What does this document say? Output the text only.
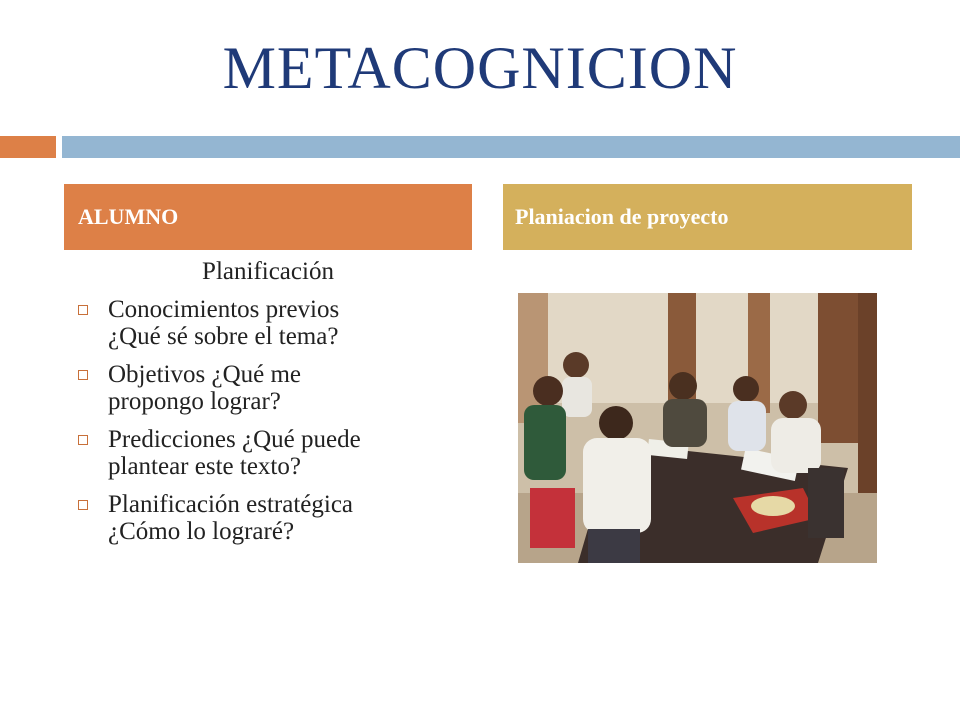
METACOGNICION
ALUMNO	Planiacion de proyecto
Planificación
Conocimientos previos
¿Qué sé sobre el tema?
Objetivos ¿Qué me
propongo lograr?
Predicciones ¿Qué puede
plantear este texto?
Planificación estratégica
¿Cómo lo lograré?
